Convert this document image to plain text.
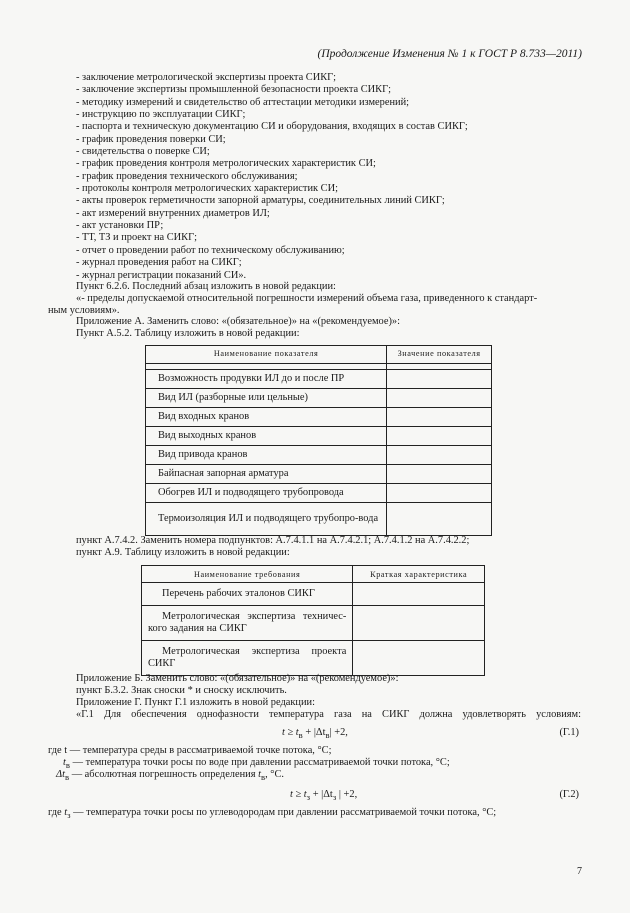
(Продолжение Изменения № 1 к ГОСТ Р 8.733—2011)
- заключение метрологической экспертизы проекта СИКГ;
- заключение экспертизы промышленной безопасности проекта СИКГ;
- методику измерений и свидетельство об аттестации методики измерений;
- инструкцию по эксплуатации СИКГ;
- паспорта и техническую документацию СИ и оборудования, входящих в состав СИКГ;
- график проведения поверки СИ;
- свидетельства о поверке СИ;
- график проведения контроля метрологических характеристик СИ;
- график проведения технического обслуживания;
- протоколы контроля метрологических характеристик СИ;
- акты проверок герметичности запорной арматуры, соединительных линий СИКГ;
- акт измерений внутренних диаметров ИЛ;
- акт установки ПР;
- ТТ, ТЗ и проект на СИКГ;
- отчет о проведении работ по техническому обслуживанию;
- журнал проведения работ на СИКГ;
- журнал регистрации показаний СИ».
Пункт 6.2.6. Последний абзац изложить в новой редакции:
«- пределы допускаемой относительной погрешности измерений объема газа, приведенного к стандарт-
ным условиям».
Приложение А. Заменить слово: «(обязательное)» на «(рекомендуемое)»:
Пункт А.5.2. Таблицу изложить в новой редакции:
Наименование показателя	Значение показателя

Возможность продувки ИЛ до и после ПР	
Вид ИЛ (разборные или цельные)	
Вид входных кранов	
Вид выходных кранов	
Вид привода кранов	
Байпасная запорная арматура	
Обогрев ИЛ и подводящего трубопровода	
Термоизоляция ИЛ и подводящего трубопро-вода	
пункт А.7.4.2. Заменить номера подпунктов: А.7.4.1.1 на А.7.4.2.1; А.7.4.1.2 на А.7.4.2.2;
пункт А.9. Таблицу изложить в новой редакции:
Наименование требования	Краткая характеристика
Перечень рабочих эталонов СИКГ	
Метрологическая экспертиза техничес-кого задания на СИКГ	
Метрологическая экспертиза проекта СИКГ	
Приложение Б. Заменить слово: «(обязательное)» на «(рекомендуемое)»:
пункт Б.3.2. Знак сноски * и сноску исключить.
Приложение Г. Пункт Г.1 изложить в новой редакции:
«Г.1 Для обеспечения однофазности температура газа на СИКГ должна удовлетворять условиям:
$t \ge t_в + |\Delta t_в| +2$,	(Г.1)
где t — температура среды в рассматриваемой точке потока, °С;
$t_в$ — температура точки росы по воде при давлении рассматриваемой точки потока, °С;
$\Delta t_в$ — абсолютная погрешность определения $t_в$, °С.
$t \ge t_з + |\Delta t_з$ | +2,	(Г.2)
где $t_з$ — температура точки росы по углеводородам при давлении рассматриваемой точки потока, °С;
7
